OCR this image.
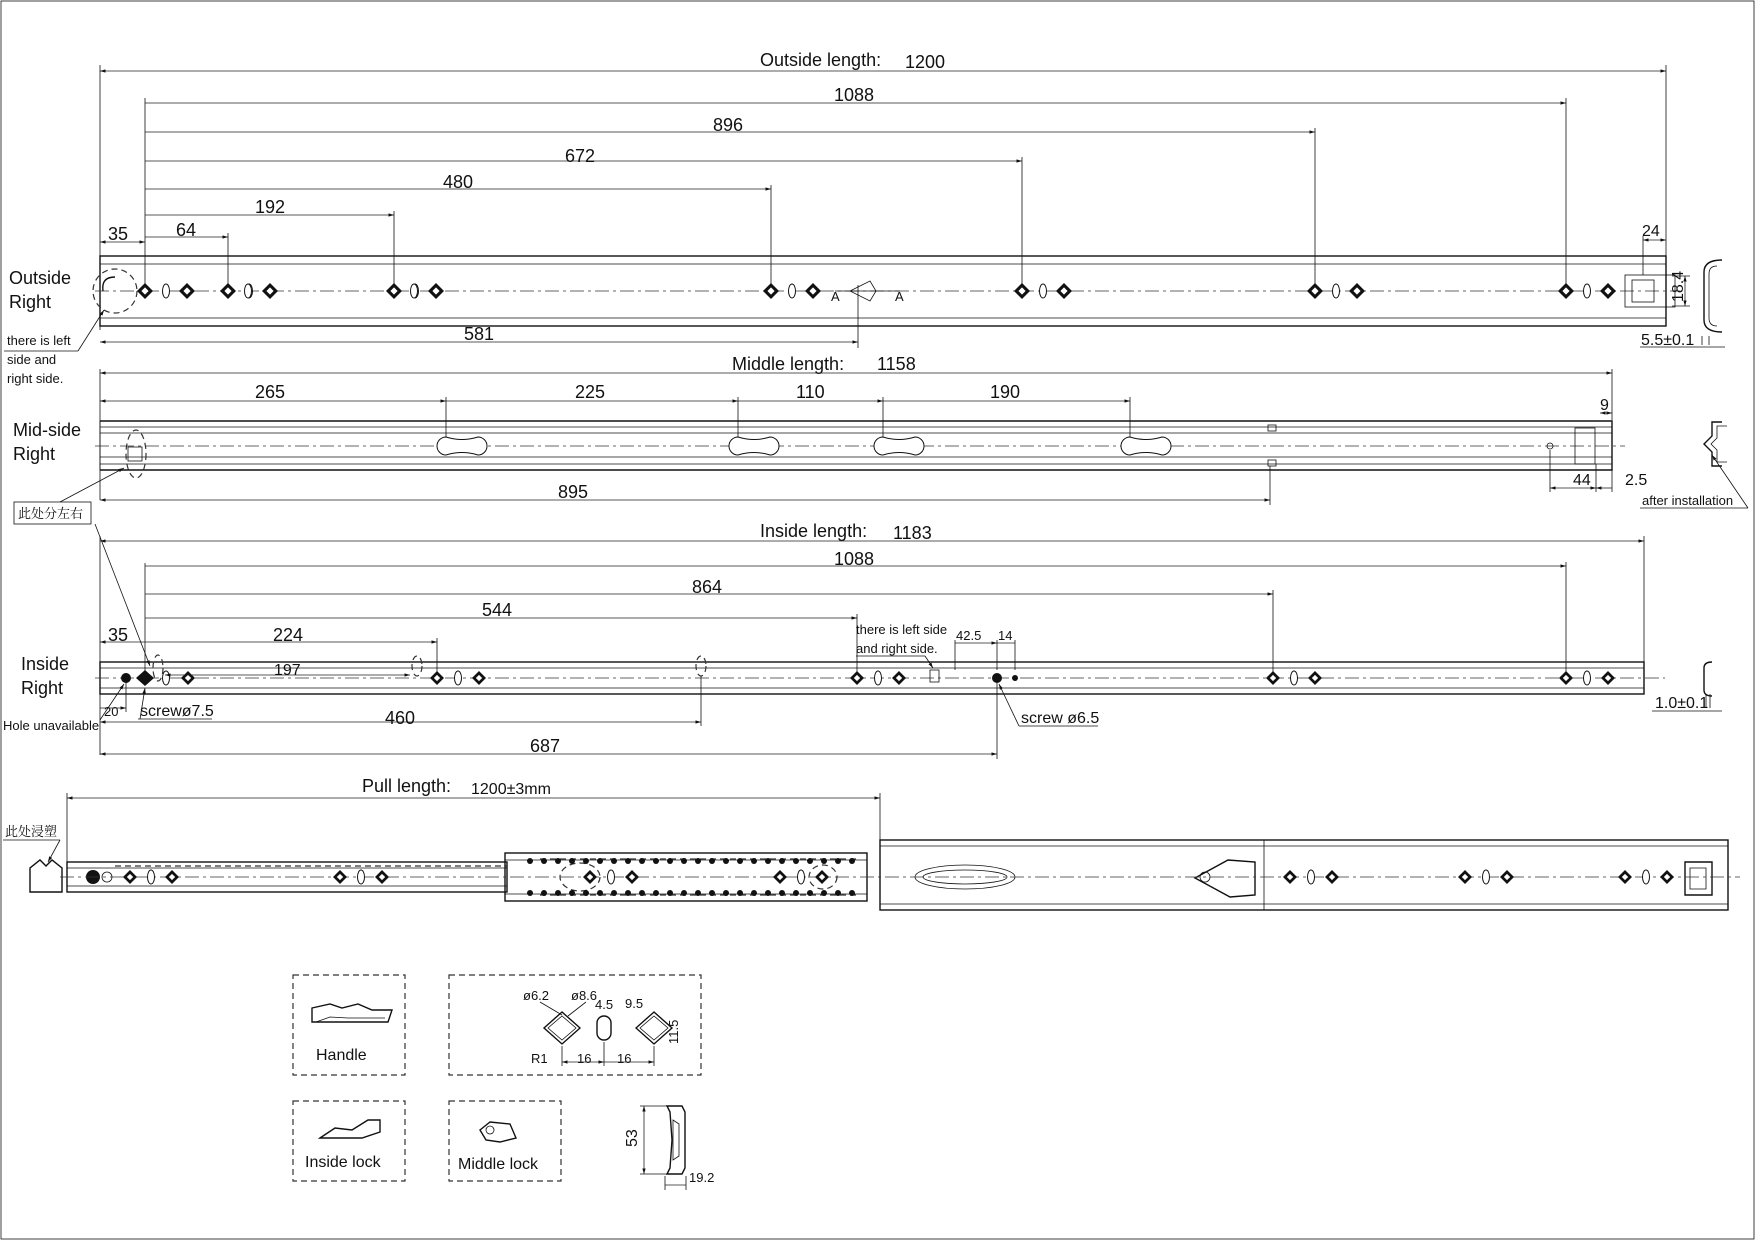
Outside length: 1200
1088
896
672
480
192
64
35
A	A
24
18.4
5.5±0.1
581
Outside
Right
there is left
side and
right side.
Middle length: 1158
265	225	110	190
9
895
44 2.5
after installation
Mid-side
Right
此处分左右
Inside length: 1183
1088
864
544
224
35
197
42.5 14
20	460
687
there is left side
and right side.
screwø7.5	screw ø6.5
Hole unavailable
1.0±0.1
Inside
Right
Pull length: 1200±3mm
此处浸塑
Handle
ø6.2 ø8.6
4.5 9.5
11.5
R1 16 16
Inside lock	Middle lock
53
19.2
